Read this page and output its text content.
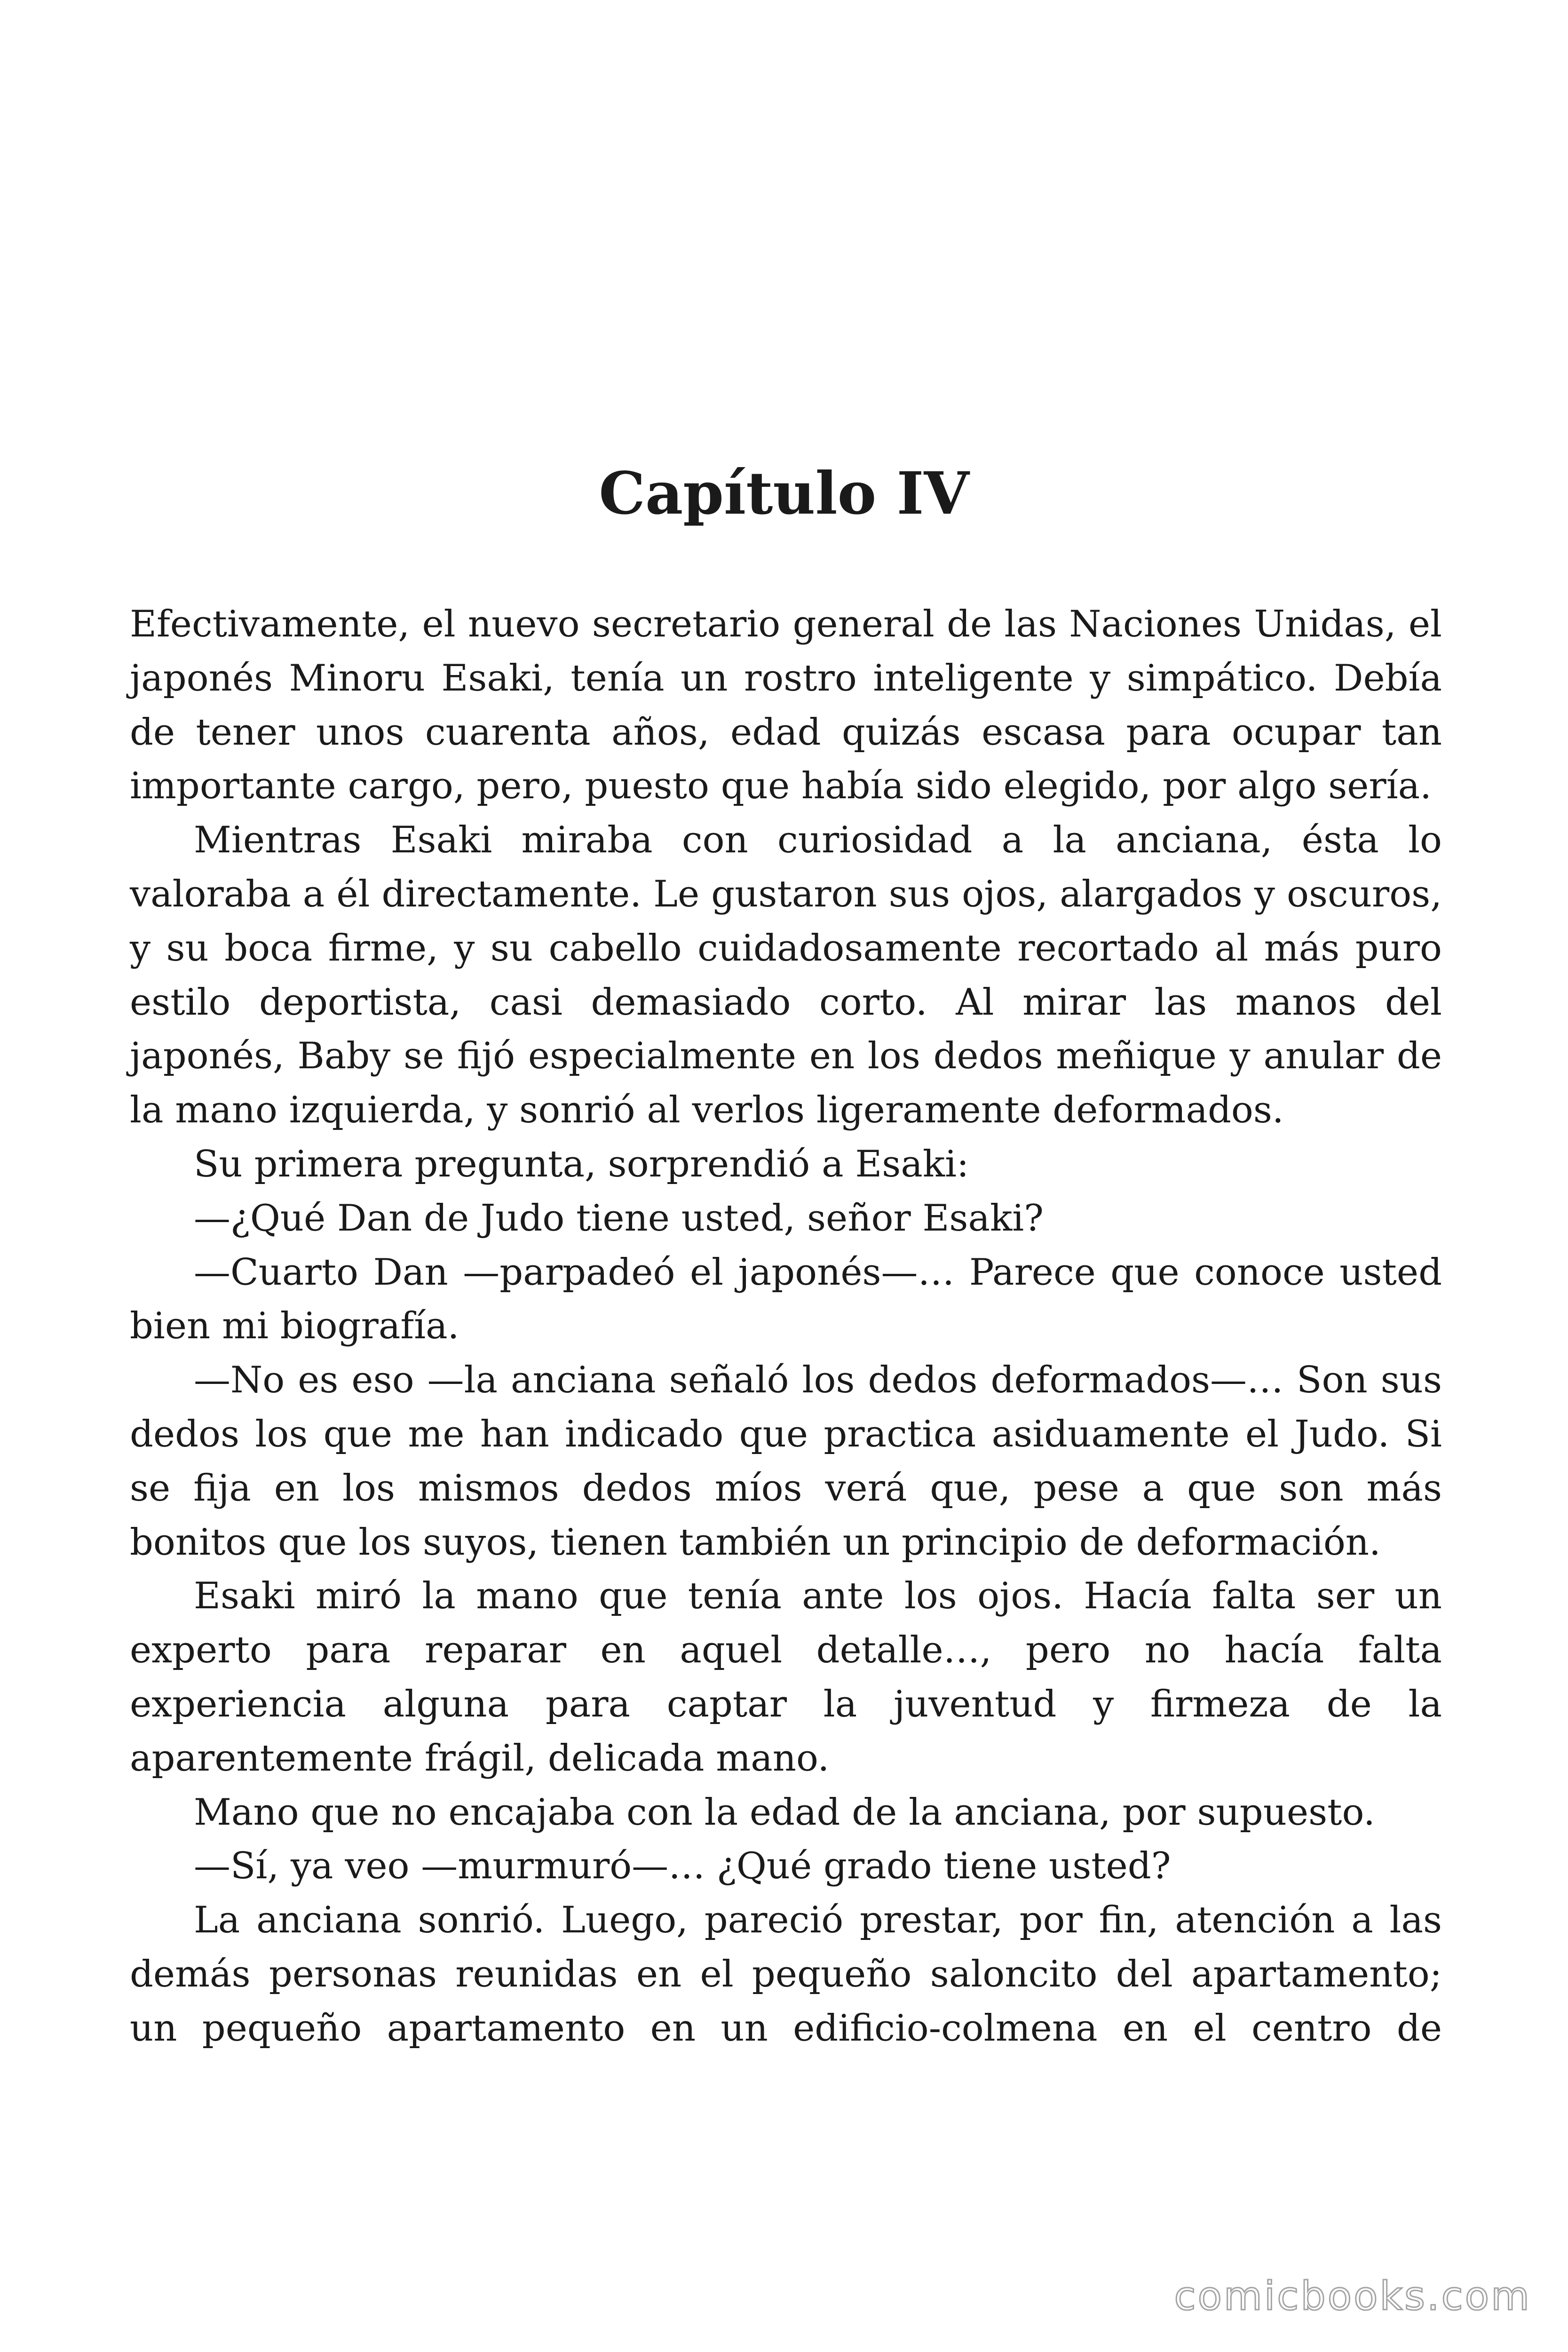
Capítulo IV

Efectivamente, el nuevo secretario general de las Naciones Unidas, el japonés Minoru Esaki, tenía un rostro inteligente y simpático. Debía de tener unos cuarenta años, edad quizás escasa para ocupar tan importante cargo, pero, puesto que había sido elegido, por algo sería.

Mientras Esaki miraba con curiosidad a la anciana, ésta lo valoraba a él directamente. Le gustaron sus ojos, alargados y oscuros, y su boca firme, y su cabello cuidadosamente recortado al más puro estilo deportista, casi demasiado corto. Al mirar las manos del japonés, Baby se fijó especialmente en los dedos meñique y anular de la mano izquierda, y sonrió al verlos ligeramente deformados.

Su primera pregunta, sorprendió a Esaki:

—¿Qué Dan de Judo tiene usted, señor Esaki?

—Cuarto Dan —parpadeó el japonés—… Parece que conoce usted bien mi biografía.

—No es eso —la anciana señaló los dedos deformados—… Son sus dedos los que me han indicado que practica asiduamente el Judo. Si se fija en los mismos dedos míos verá que, pese a que son más bonitos que los suyos, tienen también un principio de deformación.

Esaki miró la mano que tenía ante los ojos. Hacía falta ser un experto para reparar en aquel detalle…, pero no hacía falta experiencia alguna para captar la juventud y firmeza de la aparentemente frágil, delicada mano.

Mano que no encajaba con la edad de la anciana, por supuesto.

—Sí, ya veo —murmuró—… ¿Qué grado tiene usted?

La anciana sonrió. Luego, pareció prestar, por fin, atención a las demás personas reunidas en el pequeño saloncito del apartamento; un pequeño apartamento en un edificio-colmena en el centro de

comicbooks.com
